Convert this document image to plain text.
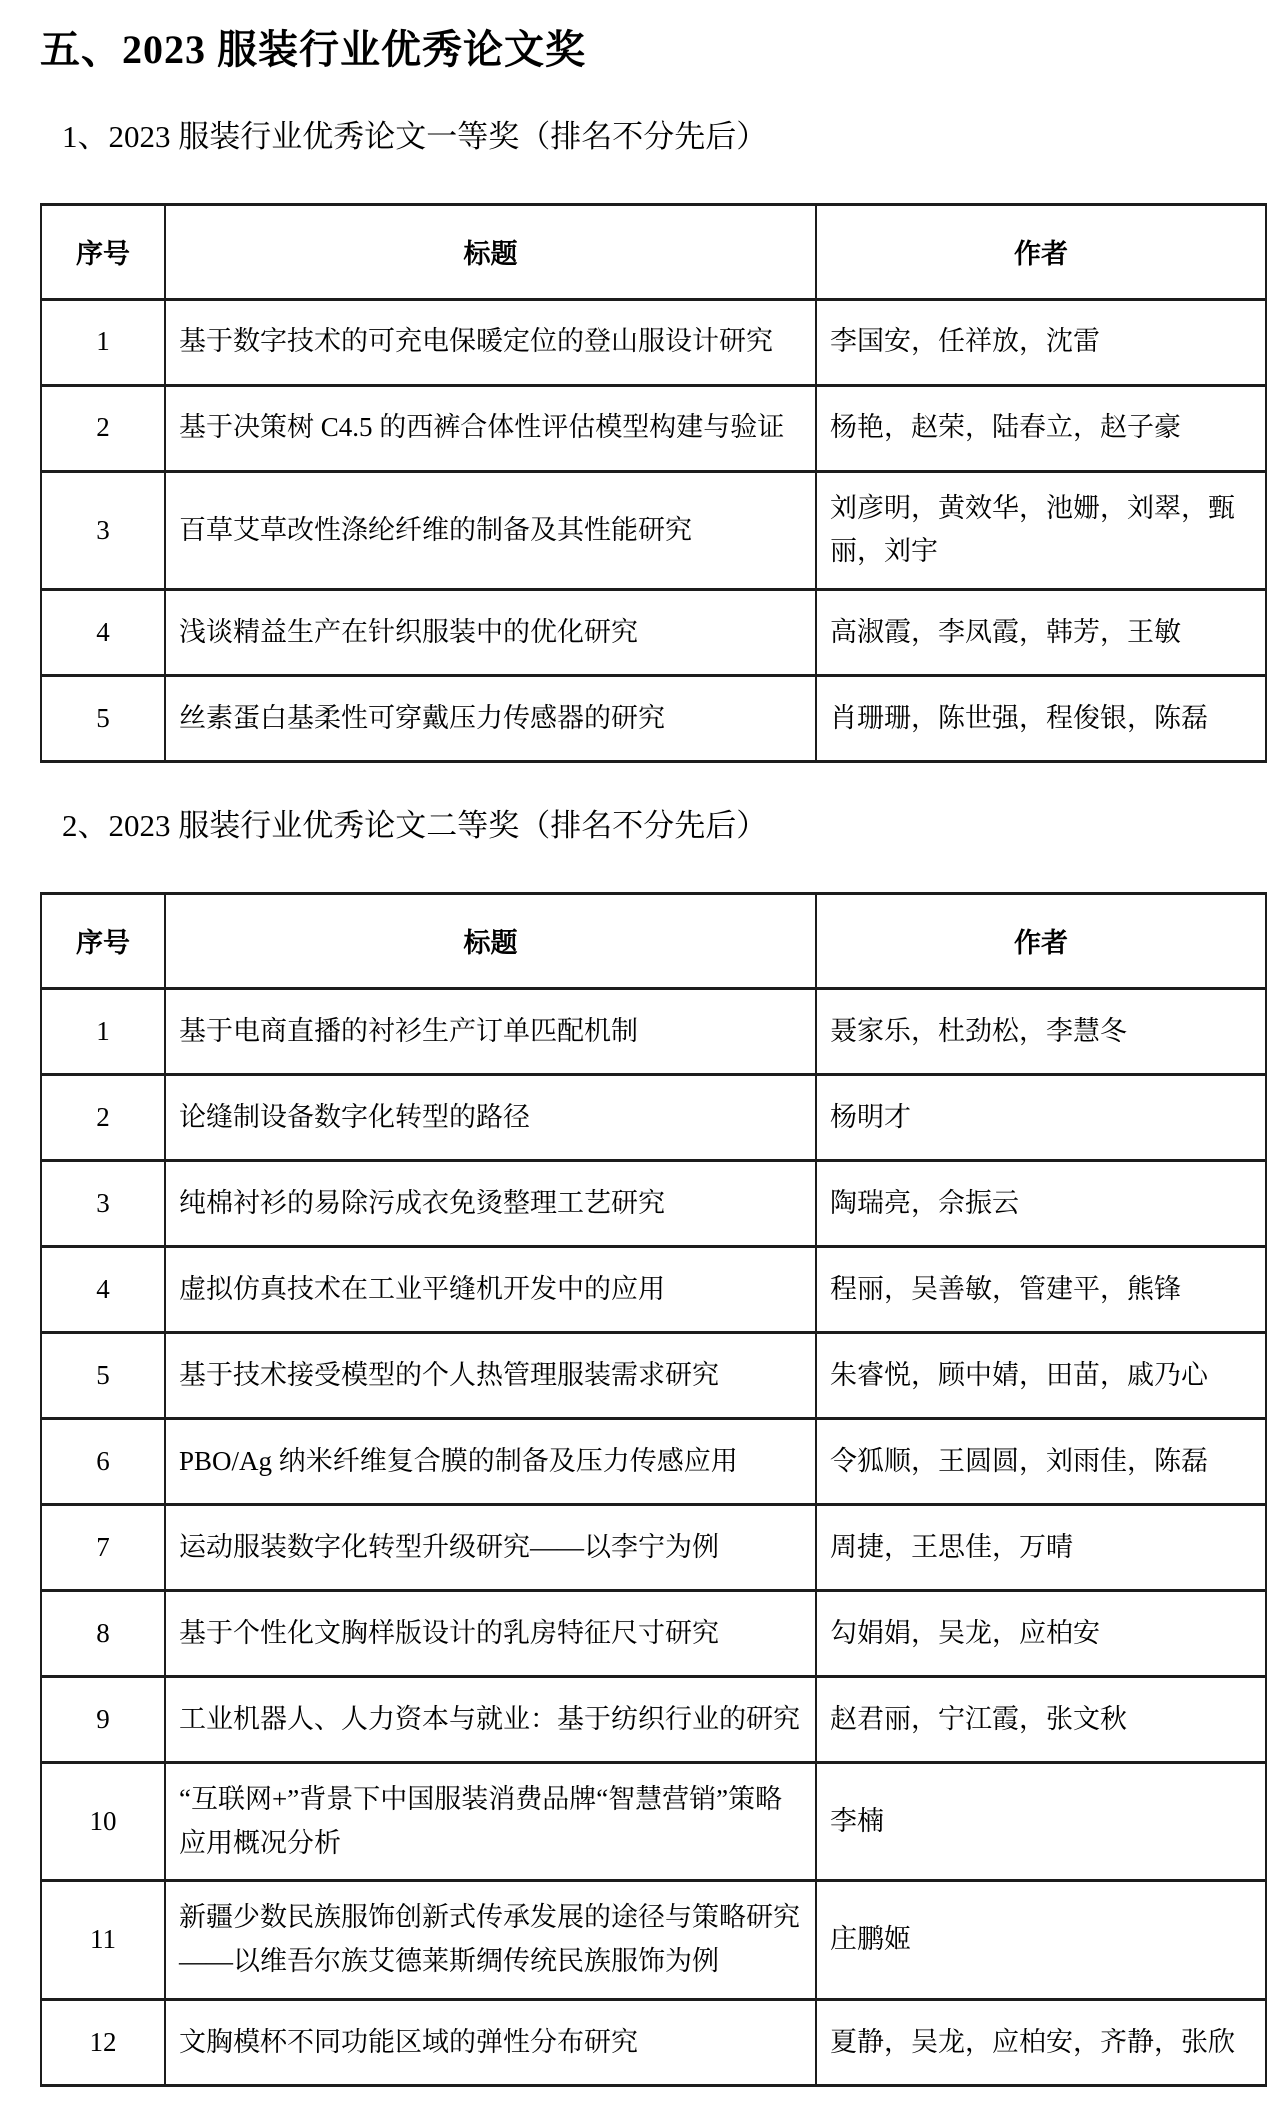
五、2023 服装行业优秀论文奖
1、2023 服装行业优秀论文一等奖（排名不分先后）
序号	标题	作者
1	基于数字技术的可充电保暖定位的登山服设计研究	李国安，任祥放，沈雷
2	基于决策树 C4.5 的西裤合体性评估模型构建与验证	杨艳，赵荣，陆春立，赵子豪
3	百草艾草改性涤纶纤维的制备及其性能研究	刘彦明，黄效华，池姗，刘翠，甄丽，刘宇
4	浅谈精益生产在针织服装中的优化研究	高淑霞，李凤霞，韩芳，王敏
5	丝素蛋白基柔性可穿戴压力传感器的研究	肖珊珊，陈世强，程俊银，陈磊
2、2023 服装行业优秀论文二等奖（排名不分先后）
序号	标题	作者
1	基于电商直播的衬衫生产订单匹配机制	聂家乐，杜劲松，李慧冬
2	论缝制设备数字化转型的路径	杨明才
3	纯棉衬衫的易除污成衣免烫整理工艺研究	陶瑞亮，佘振云
4	虚拟仿真技术在工业平缝机开发中的应用	程丽，吴善敏，管建平，熊锋
5	基于技术接受模型的个人热管理服装需求研究	朱睿悦，顾中婧，田苗，戚乃心
6	PBO/Ag 纳米纤维复合膜的制备及压力传感应用	令狐顺，王圆圆，刘雨佳，陈磊
7	运动服装数字化转型升级研究——以李宁为例	周捷，王思佳，万晴
8	基于个性化文胸样版设计的乳房特征尺寸研究	勾娟娟，吴龙，应柏安
9	工业机器人、人力资本与就业：基于纺织行业的研究	赵君丽，宁江霞，张文秋
10	“互联网+”背景下中国服装消费品牌“智慧营销”策略应用概况分析	李楠
11	新疆少数民族服饰创新式传承发展的途径与策略研究——以维吾尔族艾德莱斯绸传统民族服饰为例	庄鹏姬
12	文胸模杯不同功能区域的弹性分布研究	夏静，吴龙，应柏安，齐静，张欣
